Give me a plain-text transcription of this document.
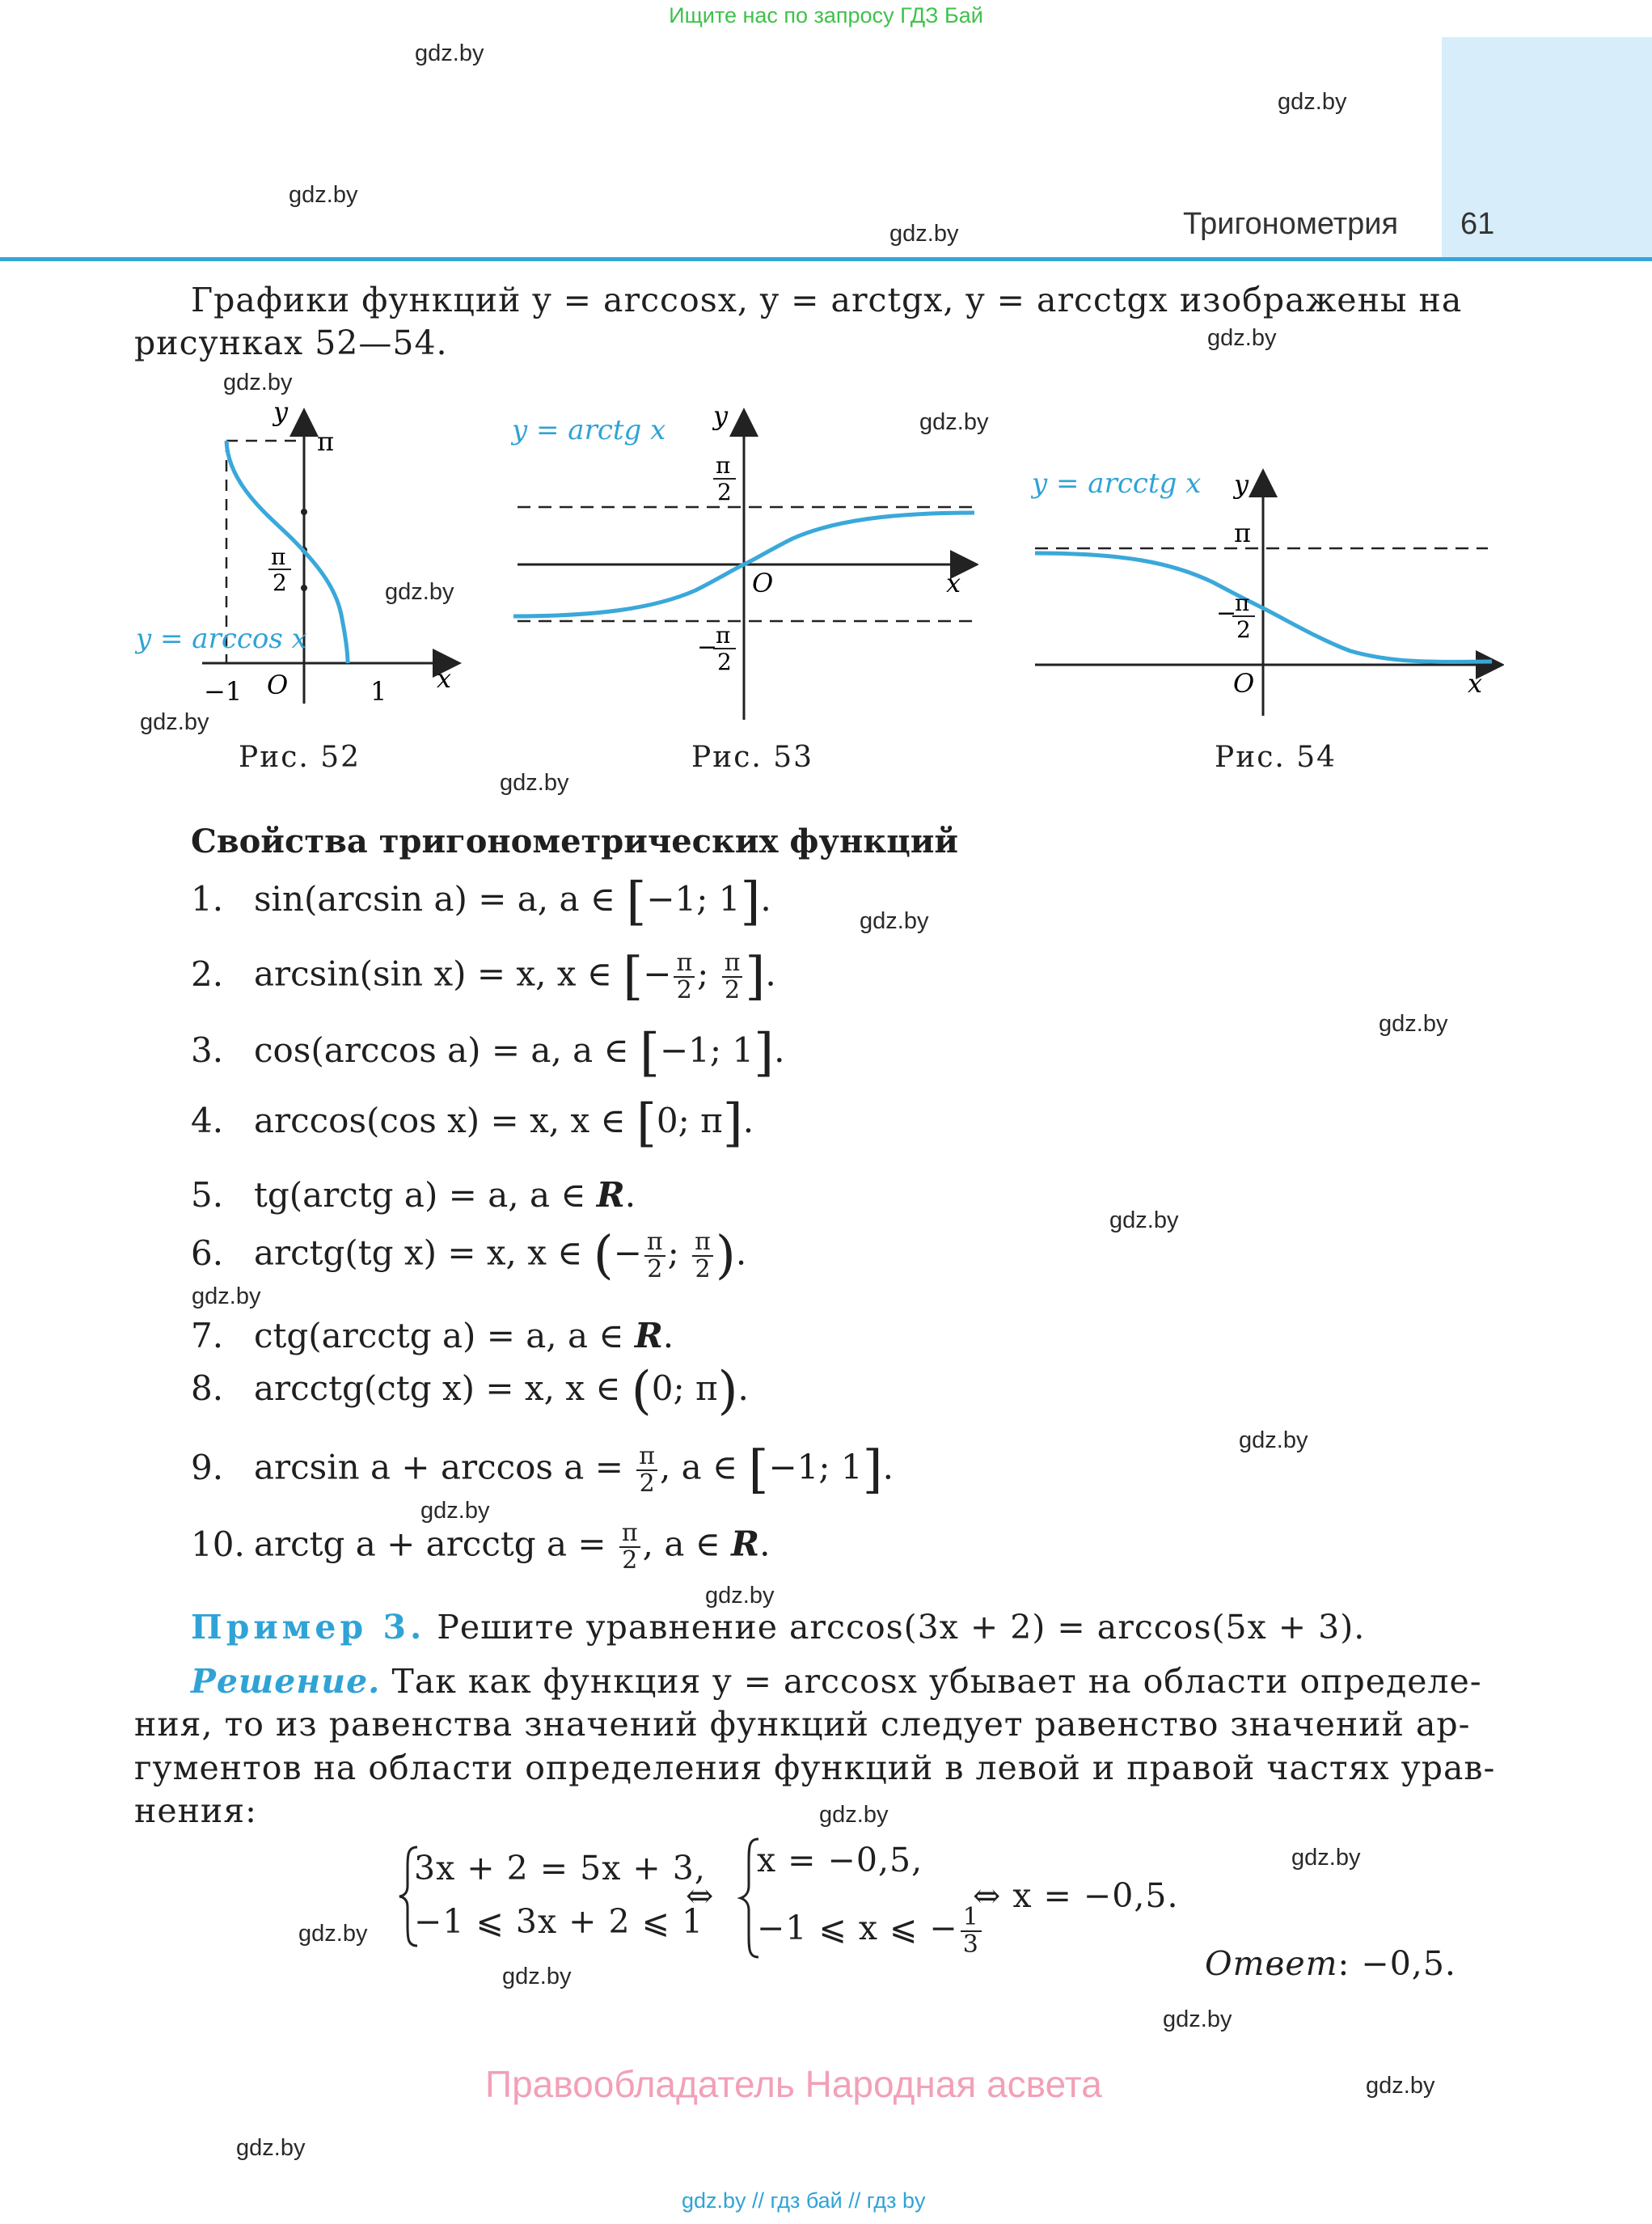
Ищите нас по запросу ГДЗ Бай
Тригонометрия 61
gdz.by
gdz.by
gdz.by
gdz.by
gdz.by
gdz.by
gdz.by
gdz.by
gdz.by
gdz.by
gdz.by
gdz.by
gdz.by
gdz.by
gdz.by
gdz.by
gdz.by
gdz.by
gdz.by
gdz.by
gdz.by
gdz.by
gdz.by
gdz.by
Графики функций y = arccosx, y = arctgx, y = arcctgx изображены на
рисунках 52—54.
y
π
π
2
−1 O	1 x
y = arccos x
Рис. 52
y
π
2
O	x
−
π
2
y = arctg x
Рис. 53
y
π
−
π
2
O	x
y = arcctg x
Рис. 54
Свойства тригонометрических функций
1. sin(arcsin a) = a, a ∈ [−1; 1].
2. arcsin(sin x) = x, x ∈ [− $\frac{\pi}{2}$ ; $\frac{\pi}{2}$ ].
3. cos(arccos a) = a, a ∈ [−1; 1].
4. arccos(cos x) = x, x ∈ [0; π].
5. tg(arctg a) = a, a ∈ R.
6. arctg(tg x) = x, x ∈ (− $\frac{\pi}{2}$ ; $\frac{\pi}{2}$ ).
7. ctg(arcctg a) = a, a ∈ R.
8. arcctg(ctg x) = x, x ∈ (0; π).
9. $\arcsin a + \arccos a = \frac{\pi}{2}$ , a ∈ [−1; 1].
10. arctg a + arcctg $a = \frac{\pi}{2}$ , a ∈ R.
Пример 3. Решите уравнение arccos(3x + 2) = arccos(5x + 3).
Решение. Так как функция y = arccosx убывает на области определе-
ния, то из равенства значений функций следует равенство значений ар-
гументов на области определения функций в левой и правой частях урав-
нения:
3x + 2 = 5x + 3,
−1 ⩽ 3x + 2 ⩽ 1
⇔
x = −0,5,
−1 ⩽ x ⩽ − $\frac{1}{3}$
⇔ x = −0,5.
Ответ: −0,5.
Правообладатель Народная асвета
gdz.by // гдз бай // гдз by
